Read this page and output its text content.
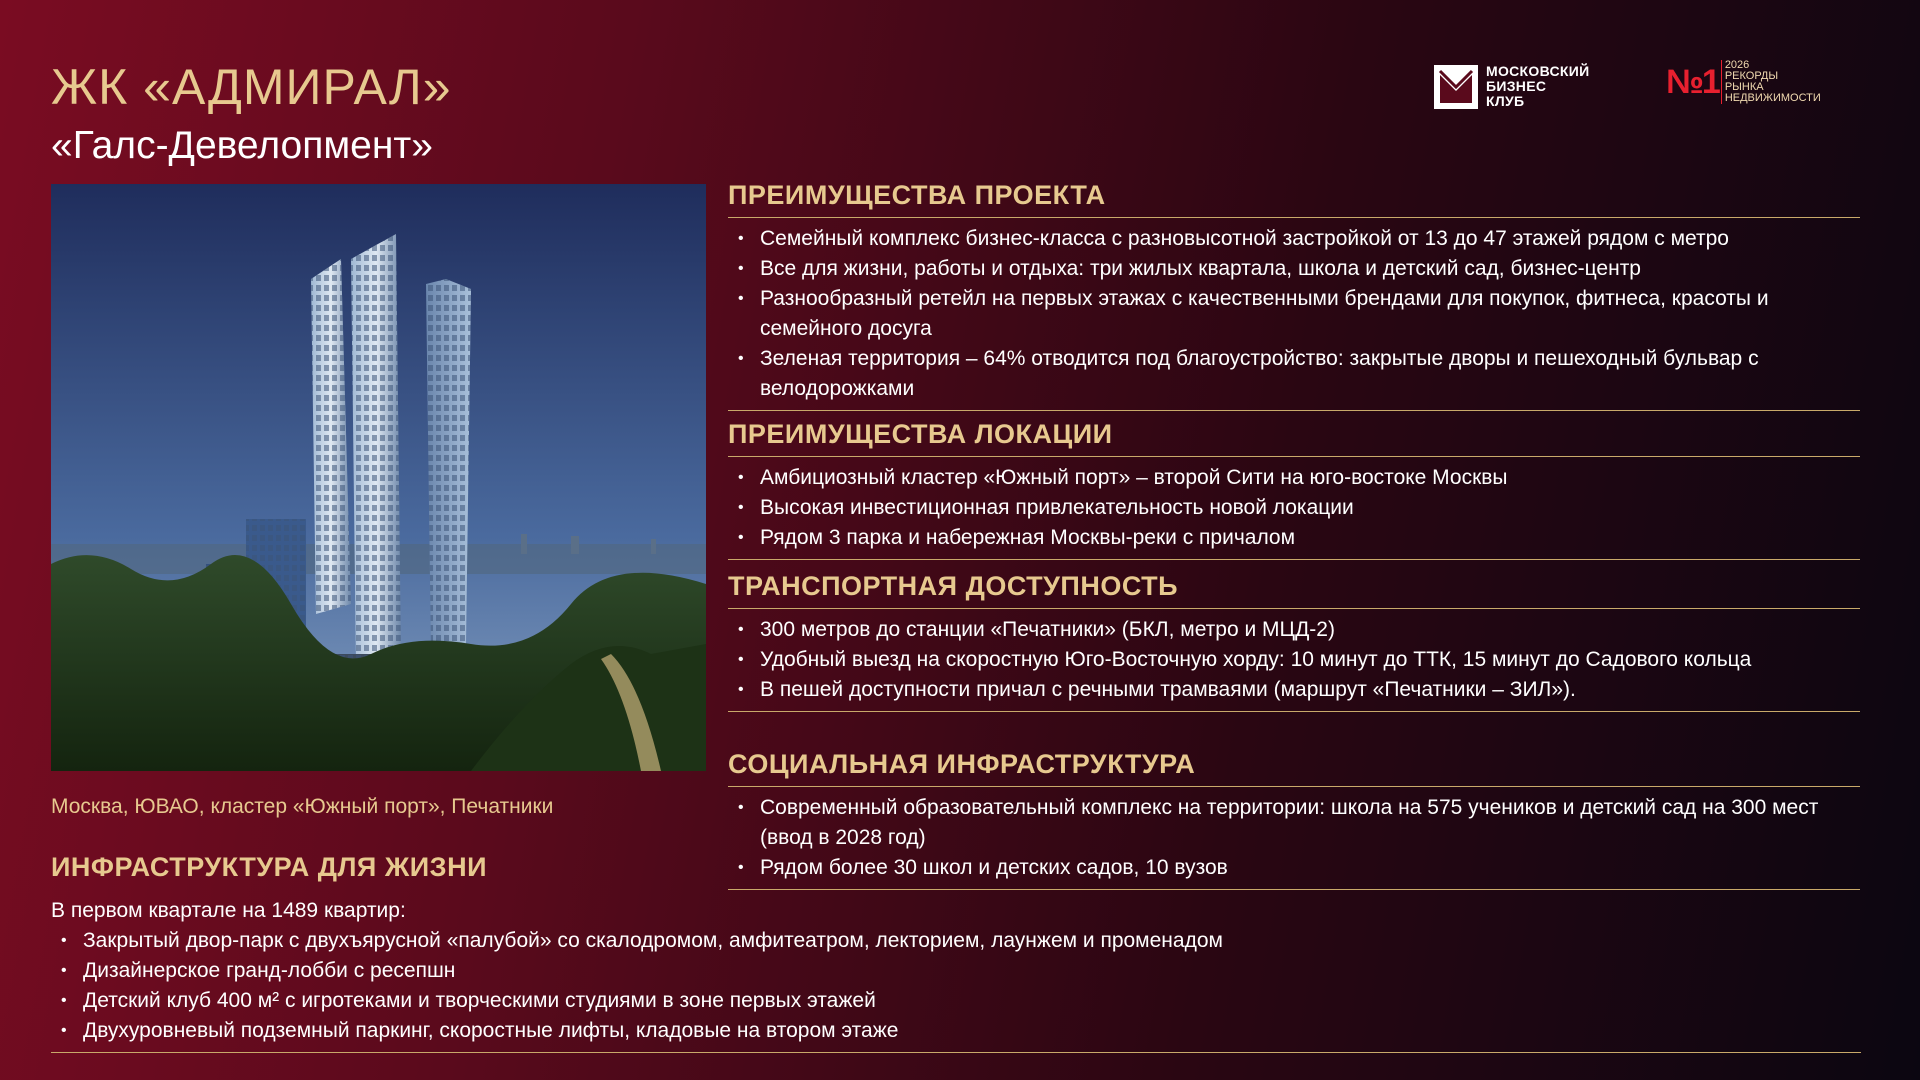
ЖК «АДМИРАЛ»
«Галс-Девелопмент»
МОСКОВСКИЙ
БИЗНЕС
КЛУБ	№1 2026
РЕКОРДЫ
РЫНКА
НЕДВИЖИМОСТИ
Москва, ЮВАО, кластер «Южный порт», Печатники
ПРЕИМУЩЕСТВА ПРОЕКТА
• Семейный комплекс бизнес-класса с разновысотной застройкой от 13 до 47 этажей рядом с метро
• Все для жизни, работы и отдыха: три жилых квартала, школа и детский сад, бизнес-центр
• Разнообразный ретейл на первых этажах с качественными брендами для покупок, фитнеса, красоты и семейного досуга
• Зеленая территория – 64% отводится под благоустройство: закрытые дворы и пешеходный бульвар с велодорожками
ПРЕИМУЩЕСТВА ЛОКАЦИИ
• Амбициозный кластер «Южный порт» – второй Сити на юго-востоке Москвы
• Высокая инвестиционная привлекательность новой локации
• Рядом 3 парка и набережная Москвы-реки с причалом
ТРАНСПОРТНАЯ ДОСТУПНОСТЬ
• 300 метров до станции «Печатники» (БКЛ, метро и МЦД-2)
• Удобный выезд на скоростную Юго-Восточную хорду: 10 минут до ТТК, 15 минут до Садового кольца
• В пешей доступности причал с речными трамваями (маршрут «Печатники – ЗИЛ»).
СОЦИАЛЬНАЯ ИНФРАСТРУКТУРА
• Современный образовательный комплекс на территории: школа на 575 учеников и детский сад на 300 мест (ввод в 2028 год)
• Рядом более 30 школ и детских садов, 10 вузов
ИНФРАСТРУКТУРА ДЛЯ ЖИЗНИ
В первом квартале на 1489 квартир:
• Закрытый двор-парк с двухъярусной «палубой» со скалодромом, амфитеатром, лекторием, лаунжем и променадом
• Дизайнерское гранд-лобби с ресепшн
• Детский клуб 400 м² с игротеками и творческими студиями в зоне первых этажей
• Двухуровневый подземный паркинг, скоростные лифты, кладовые на втором этаже
